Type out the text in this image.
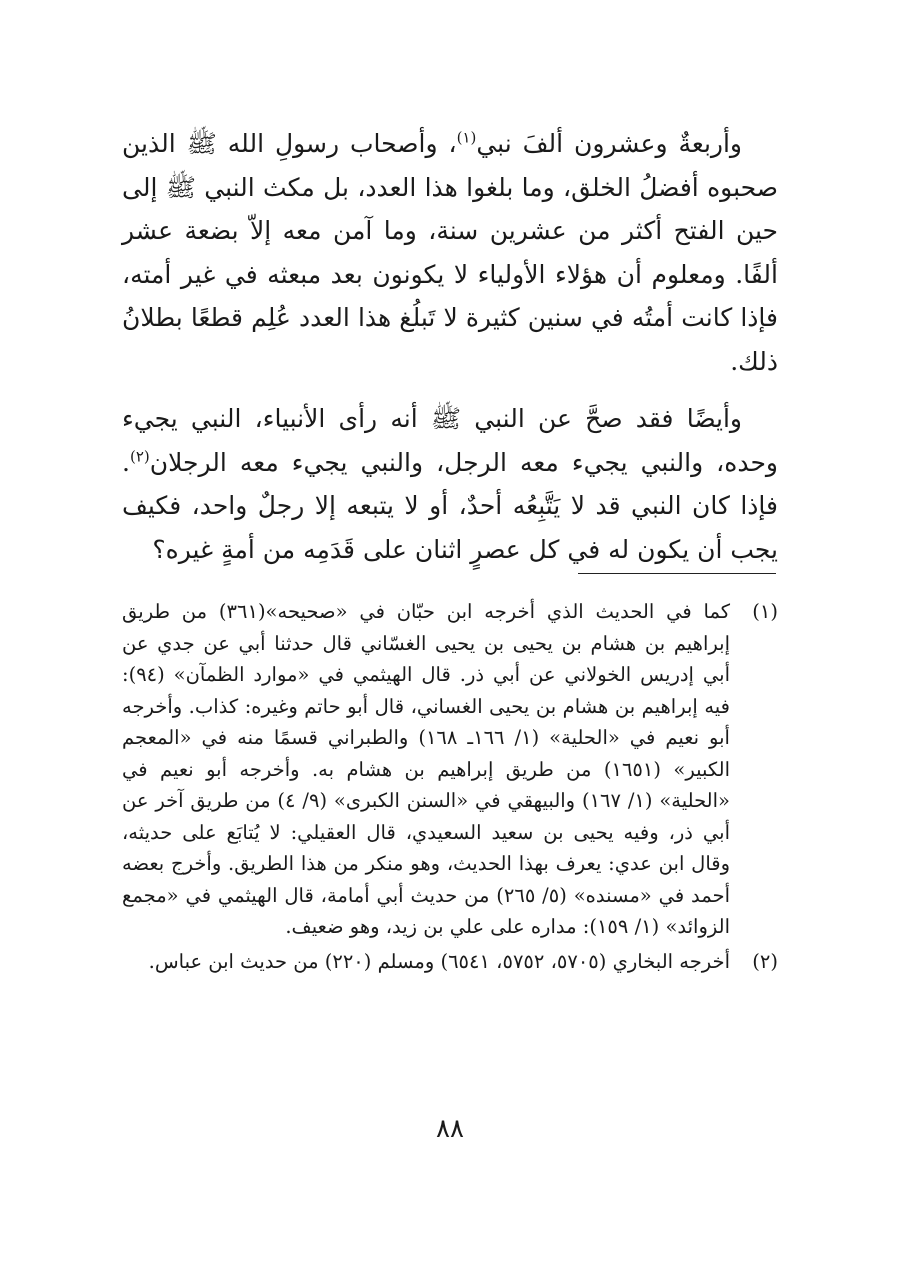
وأربعةٌ وعشرون ألفَ نبي$^{(١)}$، وأصحاب رسولِ الله ﷺ الذين صحبوه أفضلُ الخلق، وما بلغوا هذا العدد، بل مكث النبي ﷺ إلى حين الفتح أكثر من عشرين سنة، وما آمن معه إلاّ بضعة عشر ألفًا. ومعلوم أن هؤلاء الأولياء لا يكونون بعد مبعثه في غير أمته، فإذا كانت أمتُه في سنين كثيرة لا تَبلُغ هذا العدد عُلِم قطعًا بطلانُ ذلك.

وأيضًا فقد صحَّ عن النبي ﷺ أنه رأى الأنبياء، النبي يجيء وحده، والنبي يجيء معه الرجل، والنبي يجيء معه الرجلان$^{(٢)}$. فإذا كان النبي قد لا يَتَّبِعُه أحدٌ، أو لا يتبعه إلا رجلٌ واحد، فكيف يجب أن يكون له في كل عصرٍ اثنان على قَدَمِه من أمةٍ غيره؟

(١)
كما في الحديث الذي أخرجه ابن حبّان في «صحيحه»(٣٦١) من طريق إبراهيم بن هشام بن يحيى بن يحيى الغسّاني قال حدثنا أبي عن جدي عن أبي إدريس الخولاني عن أبي ذر. قال الهيثمي في «موارد الظمآن» (٩٤): فيه إبراهيم بن هشام بن يحيى الغساني، قال أبو حاتم وغيره: كذاب. وأخرجه أبو نعيم في «الحلية» (١/ ١٦٦ـ ١٦٨) والطبراني قسمًا منه في «المعجم الكبير» (١٦٥١) من طريق إبراهيم بن هشام به. وأخرجه أبو نعيم في «الحلية» (١/ ١٦٧) والبيهقي في «السنن الكبرى» (٩/ ٤) من طريق آخر عن أبي ذر، وفيه يحيى بن سعيد السعيدي، قال العقيلي: لا يُتابَع على حديثه، وقال ابن عدي: يعرف بهذا الحديث، وهو منكر من هذا الطريق. وأخرج بعضه أحمد في «مسنده» (٥/ ٢٦٥) من حديث أبي أمامة، قال الهيثمي في «مجمع الزوائد» (١/ ١٥٩): مداره على علي بن زيد، وهو ضعيف.
(٢)
أخرجه البخاري (٥٧٠٥، ٥٧٥٢، ٦٥٤١) ومسلم (٢٢٠) من حديث ابن عباس.
٨٨
